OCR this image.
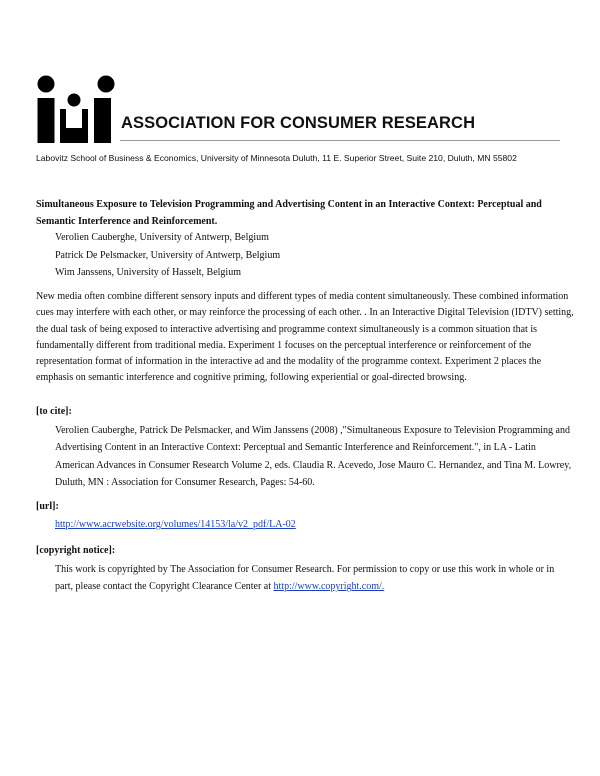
ASSOCIATION FOR CONSUMER RESEARCH
Labovitz School of Business & Economics, University of Minnesota Duluth, 11 E. Superior Street, Suite 210, Duluth, MN 55802
Simultaneous Exposure to Television Programming and Advertising Content in an Interactive Context: Perceptual and
Semantic Interference and Reinforcement.
Verolien Cauberghe, University of Antwerp, Belgium
Patrick De Pelsmacker, University of Antwerp, Belgium
Wim Janssens, University of Hasselt, Belgium
New media often combine different sensory inputs and different types of media content simultaneously. These combined information
cues may interfere with each other, or may reinforce the processing of each other. . In an Interactive Digital Television (IDTV) setting,
the dual task of being exposed to interactive advertising and programme context simultaneously is a common situation that is
fundamentally different from traditional media. Experiment 1 focuses on the perceptual interference or reinforcement of the
representation format of information in the interactive ad and the modality of the programme context. Experiment 2 places the
emphasis on semantic interference and cognitive priming, following experiential or goal-directed browsing.
[to cite]:
Verolien Cauberghe, Patrick De Pelsmacker, and Wim Janssens (2008) ,"Simultaneous Exposure to Television Programming and
Advertising Content in an Interactive Context: Perceptual and Semantic Interference and Reinforcement.", in LA - Latin
American Advances in Consumer Research Volume 2, eds. Claudia R. Acevedo, Jose Mauro C. Hernandez, and Tina M. Lowrey,
Duluth, MN : Association for Consumer Research, Pages: 54-60.
[url]:
http://www.acrwebsite.org/volumes/14153/la/v2_pdf/LA-02
[copyright notice]:
This work is copyrighted by The Association for Consumer Research. For permission to copy or use this work in whole or in
part, please contact the Copyright Clearance Center at http://www.copyright.com/.
